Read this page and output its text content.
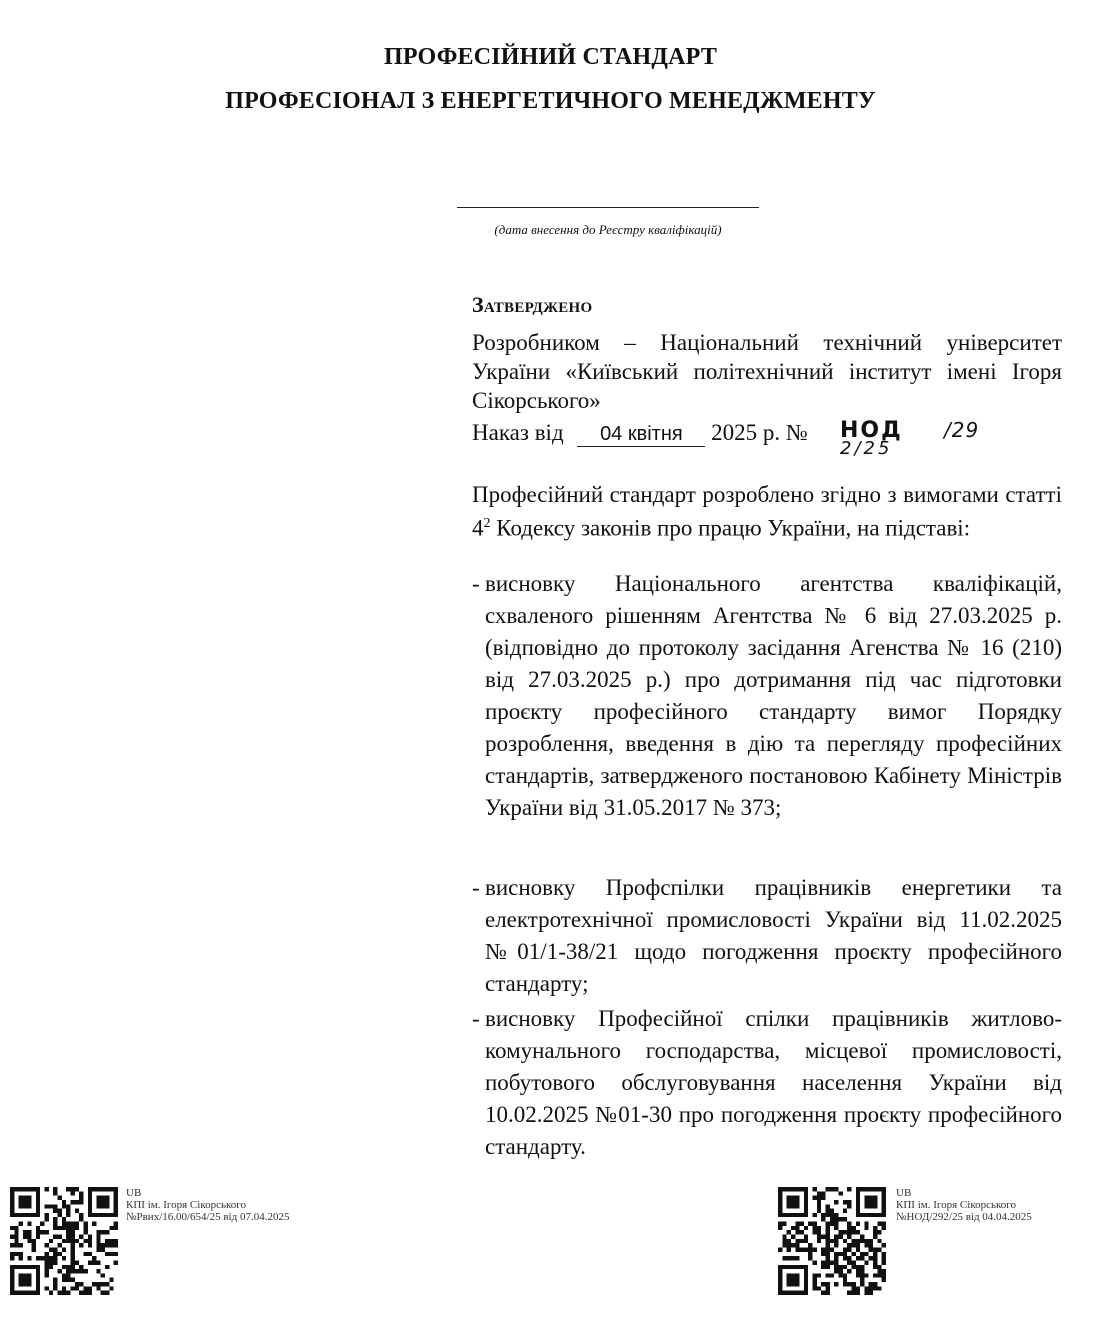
ПРОФЕСІЙНИЙ СТАНДАРТ
ПРОФЕСІОНАЛ З ЕНЕРГЕТИЧНОГО МЕНЕДЖМЕНТУ
(дата внесення до Реєстру кваліфікацій)
Затверджено
Розробником – Національний технічний університет України «Київський політехнічний інститут імені Ігоря Сікорського»
Наказ від 04 квітня 2025 р. № НОД /29
2/25
Професійний стандарт розроблено згідно з вимогами статті $4^2$ Кодексу законів про працю України, на підставі:
- висновку Національного агентства кваліфікацій, схваленого рішенням Агентства № 6 від 27.03.2025 р. (відповідно до протоколу засідання Агенства № 16 (210) від 27.03.2025 р.) про дотримання під час підготовки проєкту професійного стандарту вимог Порядку розроблення, введення в дію та перегляду професійних стандартів, затвердженого постановою Кабінету Міністрів України від 31.05.2017 № 373;
- висновку Профспілки працівників енергетики та електротехнічної промисловості України від 11.02.2025 №01/1-38/21 щодо погодження проєкту професійного стандарту;
- висновку Професійної спілки працівників житлово-комунального господарства, місцевої промисловості, побутового обслуговування населення України від 10.02.2025 №01-30 про погодження проєкту професійного стандарту.
UB
КПІ ім. Ігоря Сікорського
№Рвих/16.00/654/25 від 07.04.2025
UB
КПІ ім. Ігоря Сікорського
№НОД/292/25 від 04.04.2025
